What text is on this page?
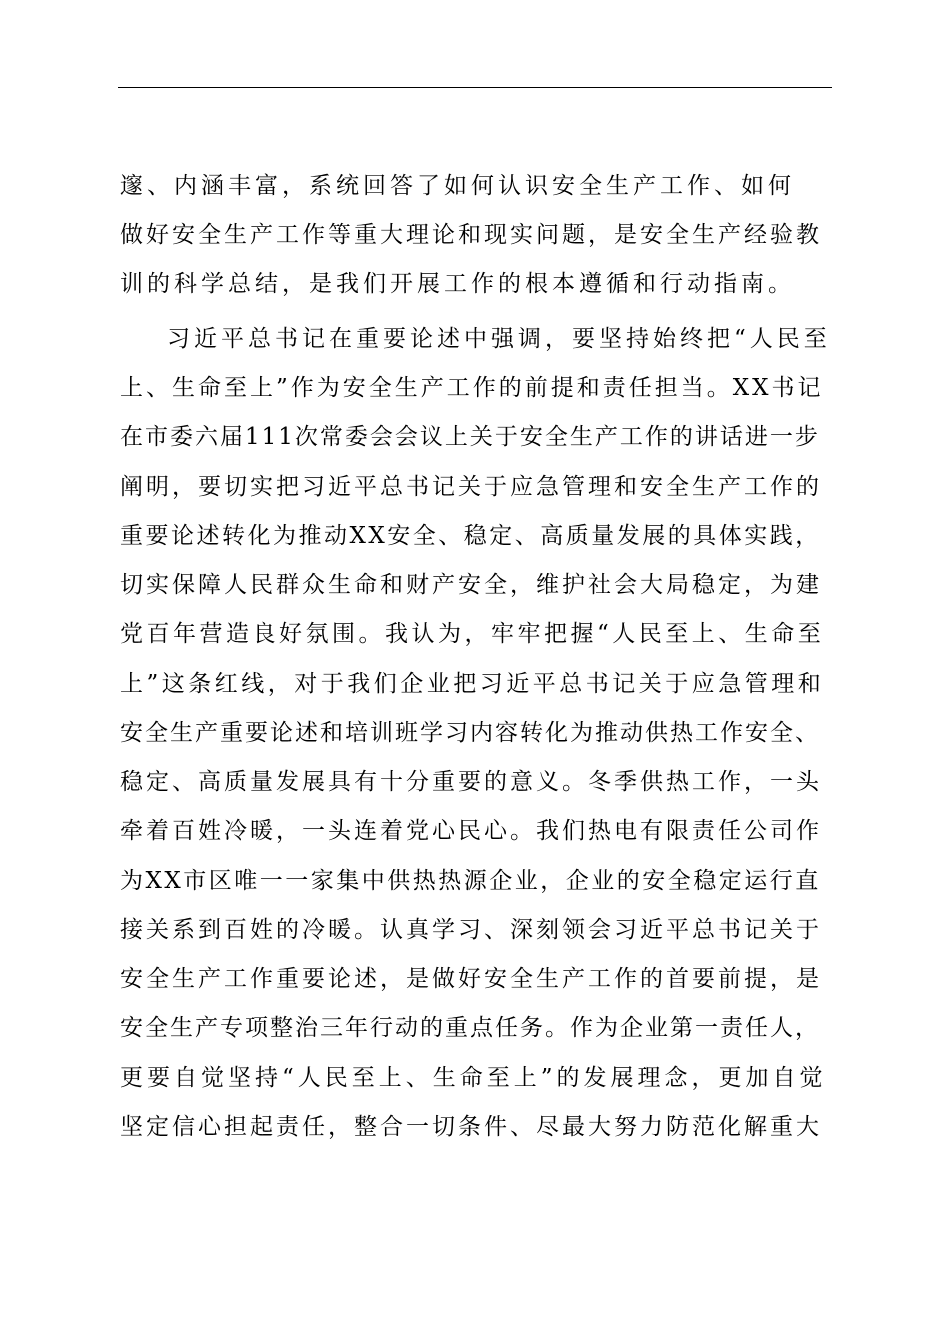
邃、内涵丰富，系统回答了如何认识安全生产工作、如何
做好安全生产工作等重大理论和现实问题，是安全生产经验教
训的科学总结，是我们开展工作的根本遵循和行动指南。
习近平总书记在重要论述中强调，要坚持始终把“人民至
上、生命至上”作为安全生产工作的前提和责任担当。XX书记
在市委六届111次常委会会议上关于安全生产工作的讲话进一步
阐明，要切实把习近平总书记关于应急管理和安全生产工作的
重要论述转化为推动XX安全、稳定、高质量发展的具体实践，
切实保障人民群众生命和财产安全，维护社会大局稳定，为建
党百年营造良好氛围。我认为，牢牢把握“人民至上、生命至
上”这条红线，对于我们企业把习近平总书记关于应急管理和
安全生产重要论述和培训班学习内容转化为推动供热工作安全、
稳定、高质量发展具有十分重要的意义。冬季供热工作，一头
牵着百姓冷暖，一头连着党心民心。我们热电有限责任公司作
为XX市区唯一一家集中供热热源企业，企业的安全稳定运行直
接关系到百姓的冷暖。认真学习、深刻领会习近平总书记关于
安全生产工作重要论述，是做好安全生产工作的首要前提，是
安全生产专项整治三年行动的重点任务。作为企业第一责任人，
更要自觉坚持“人民至上、生命至上”的发展理念，更加自觉
坚定信心担起责任，整合一切条件、尽最大努力防范化解重大
